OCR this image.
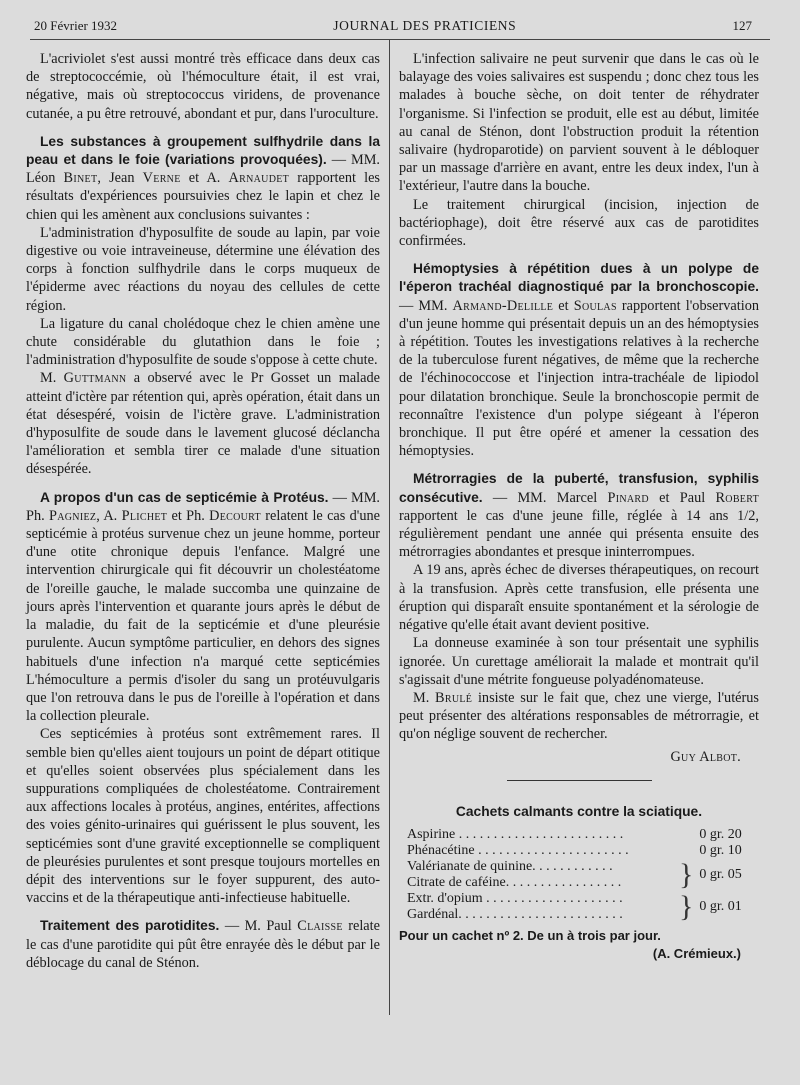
20 Février 1932	JOURNAL DES PRATICIENS	127

L'acriviolet s'est aussi montré très efficace dans deux cas de streptococcémie, où l'hémoculture était, il est vrai, négative, mais où streptococcus viridens, de provenance cutanée, a pu être retrouvé, abondant et pur, dans l'uroculture.

Les substances à groupement sulfhydrile dans la peau et dans le foie (variations provoquées). — MM. Léon Binet, Jean Verne et A. Arnaudet rapportent les résultats d'expériences poursuivies chez le lapin et chez le chien qui les amènent aux conclusions suivantes :

L'administration d'hyposulfite de soude au lapin, par voie digestive ou voie intraveineuse, détermine une élévation des corps à fonction sulfhydrile dans le corps muqueux de l'épiderme avec réactions du noyau des cellules de cette région.

La ligature du canal cholédoque chez le chien amène une chute considérable du glutathion dans le foie ; l'administration d'hyposulfite de soude s'oppose à cette chute.

M. Guttmann a observé avec le Pr Gosset un malade atteint d'ictère par rétention qui, après opération, était dans un état désespéré, voisin de l'ictère grave. L'administration d'hyposulfite de soude dans le lavement glucosé déclancha l'amélioration et sembla tirer ce malade d'une situation désespérée.

A propos d'un cas de septicémie à Protéus. — MM. Ph. Pagniez, A. Plichet et Ph. Decourt relatent le cas d'une septicémie à protéus survenue chez un jeune homme, porteur d'une otite chronique depuis l'enfance. Malgré une intervention chirurgicale qui fit découvrir un cholestéatome de l'oreille gauche, le malade succomba une quinzaine de jours après l'intervention et quarante jours après le début de la maladie, du fait de la septicémie et d'une pleurésie purulente. Aucun symptôme particulier, en dehors des signes habituels d'une infection n'a marqué cette septicémies L'hémoculture a permis d'isoler du sang un protéuvulgaris que l'on retrouva dans le pus de l'oreille à l'opération et dans la collection pleurale.

Ces septicémies à protéus sont extrêmement rares. Il semble bien qu'elles aient toujours un point de départ otitique et qu'elles soient observées plus spécialement dans les suppurations compliquées de cholestéatome. Contrairement aux affections locales à protéus, angines, entérites, affections des voies génito-urinaires qui guérissent le plus souvent, les septicémies sont d'une gravité exceptionnelle se compliquent de pleurésies purulentes et sont presque toujours mortelles en dépit des interventions sur le foyer suppurent, des auto-vaccins et de la thérapeutique anti-infectieuse habituelle.

Traitement des parotidites. — M. Paul Claisse relate le cas d'une parotidite qui pût être enrayée dès le début par le déblocage du canal de Sténon.

L'infection salivaire ne peut survenir que dans le cas où le balayage des voies salivaires est suspendu ; donc chez tous les malades à bouche sèche, on doit tenter de réhydrater l'organisme. Si l'infection se produit, elle est au début, limitée au canal de Sténon, dont l'obstruction produit la rétention salivaire (hydroparotide) on parvient souvent à le débloquer par un massage d'arrière en avant, entre les deux index, l'un à l'extérieur, l'autre dans la bouche.

Le traitement chirurgical (incision, injection de bactériophage), doit être réservé aux cas de parotidites confirmées.

Hémoptysies à répétition dues à un polype de l'éperon trachéal diagnostiqué par la bronchoscopie. — MM. Armand-Delille et Soulas rapportent l'observation d'un jeune homme qui présentait depuis un an des hémoptysies à répétition. Toutes les investigations relatives à la recherche de la tuberculose furent négatives, de même que la recherche de l'échinococcose et l'injection intra-trachéale de lipiodol pour dilatation bronchique. Seule la bronchoscopie permit de reconnaître l'existence d'un polype siégeant à l'éperon bronchique. Il put être opéré et amener la cessation des hémoptysies.

Métrorragies de la puberté, transfusion, syphilis consécutive. — MM. Marcel Pinard et Paul Robert rapportent le cas d'une jeune fille, réglée à 14 ans 1/2, régulièrement pendant une année qui présenta ensuite des métrorragies abondantes et presque ininterrompues.

A 19 ans, après échec de diverses thérapeutiques, on recourt à la transfusion. Après cette transfusion, elle présenta une éruption qui disparaît ensuite spontanément et la sérologie de négative qu'elle était avant devient positive.

La donneuse examinée à son tour présentait une syphilis ignorée. Un curettage améliorait la malade et montrait qu'il s'agissait d'une métrite fongueuse polyadénomateuse.

M. Brulé insiste sur le fait que, chez une vierge, l'utérus peut présenter des altérations responsables de métrorragie, et qu'on néglige souvent de rechercher.

Guy Albot.

Cachets calmants contre la sciatique.
Aspirine . . . . . . . . . . . . . . . . . . . . . . . .		0 gr. 20
Phénacétine . . . . . . . . . . . . . . . . . . . . . .		0 gr. 10
Valérianate de quinine. . . . . . . . . . . .	}	0 gr. 05
Citrate de caféine. . . . . . . . . . . . . . . . .		
Extr. d'opium . . . . . . . . . . . . . . . . . . . .	}	0 gr. 01
Gardénal. . . . . . . . . . . . . . . . . . . . . . . .		

Pour un cachet nº 2. De un à trois par jour.

(A. Crémieux.)
